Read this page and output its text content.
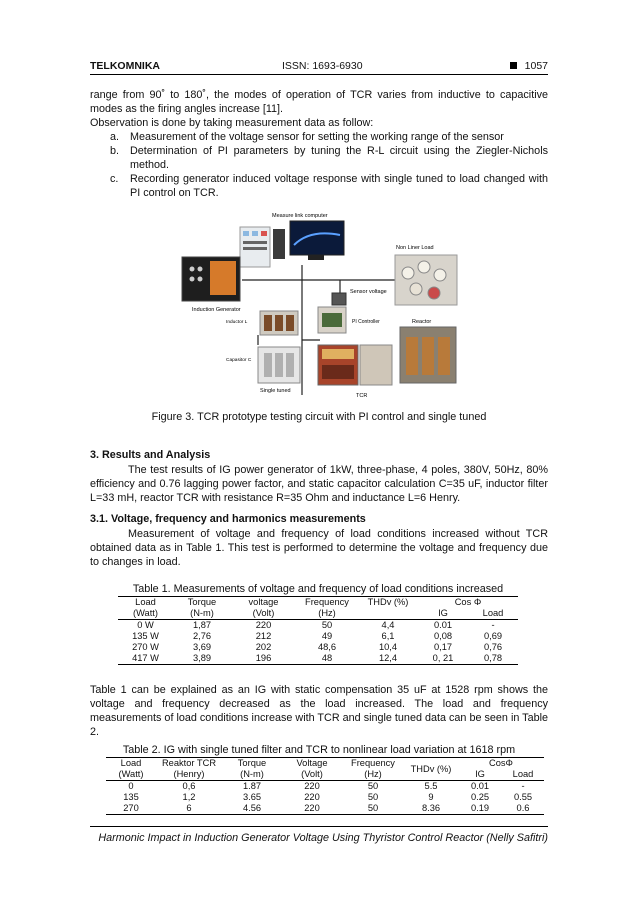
TELKOMNIKA	ISSN: 1693-6930	1057
range from 90˚ to 180˚, the modes of operation of TCR varies from inductive to capacitive modes as the firing angles increase [11].
Observation is done by taking measurement data as follow:
a. Measurement of the voltage sensor for setting the working range of the sensor
b. Determination of PI parameters by tuning the R-L circuit using the Ziegler-Nichols method.
c. Recording generator induced voltage response with single tuned to load changed with PI control on TCR.
Measure link computer
Non Liner Load
Induction Generator
Inductor L
Capasitor C
Single tuned
Sensor voltage
PI Controller
TCR
Reactor
Figure 3. TCR prototype testing circuit with PI control and single tuned
3. Results and Analysis
The test results of IG power generator of 1kW, three-phase, 4 poles, 380V, 50Hz, 80% efficiency and 0.76 lagging power factor, and static capacitor calculation C=35 uF, inductor filter L=33 mH, reactor TCR with resistance R=35 Ohm and inductance L=6 Henry.
3.1. Voltage, frequency and harmonics measurements
Measurement of voltage and frequency of load conditions increased without TCR obtained data as in Table 1. This test is performed to determine the voltage and frequency due to changes in load.
Table 1. Measurements of voltage and frequency of load conditions increased
Load	Torque	voltage	Frequency	THDv (%)	Cos Φ	
(Watt)	(N-m)	(Volt)	(Hz)		IG	Load
0 W	1,87	220	50	4,4	0.01	-
135 W	2,76	212	49	6,1	0,08	0,69
270 W	3,69	202	48,6	10,4	0,17	0,76
417 W	3,89	196	48	12,4	0, 21	0,78
Table 1 can be explained as an IG with static compensation 35 uF at 1528 rpm shows the voltage and frequency decreased as the load increased. The load and frequency measurements of load conditions increase with TCR and single tuned data can be seen in Table 2.
Table 2. IG with single tuned filter and TCR to nonlinear load variation at 1618 rpm
Load	Reaktor TCR	Torque	Voltage	Frequency	THDv (%)	CosΦ	
(Watt)	(Henry)	(N-m)	(Volt)	(Hz)		IG	Load
0	0,6	1.87	220	50	5.5	0.01	-
135	1,2	3.65	220	50	9	0.25	0.55
270	6	4.56	220	50	8.36	0.19	0.6
Harmonic Impact in Induction Generator Voltage Using Thyristor Control Reactor (Nelly Safitri)
